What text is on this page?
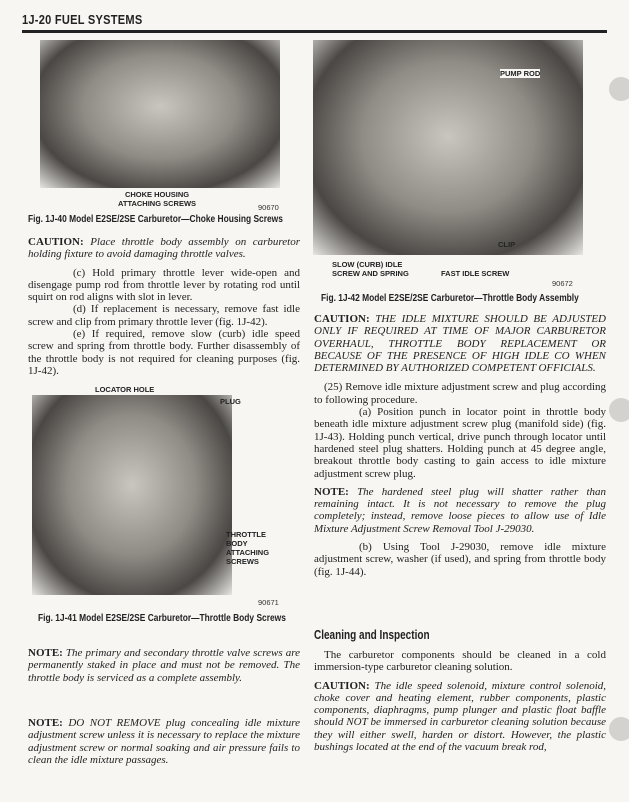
1J-20 FUEL SYSTEMS
CHOKE HOUSING
ATTACHING SCREWS	90670
Fig. 1J-40 Model E2SE/2SE Carburetor—Choke Housing Screws

CAUTION: Place throttle body assembly on carburetor holding fixture to avoid damaging throttle valves.

(c) Hold primary throttle lever wide-open and disengage pump rod from throttle lever by rotating rod until squirt on rod aligns with slot in lever.

(d) If replacement is necessary, remove fast idle screw and clip from primary throttle lever (fig. 1J-42).

(e) If required, remove slow (curb) idle speed screw and spring from throttle body. Further disassembly of the throttle body is not required for cleaning purposes (fig. 1J-42).

LOCATOR HOLE
PLUG
THROTTLE
BODY
ATTACHING
SCREWS
90671
Fig. 1J-41 Model E2SE/2SE Carburetor—Throttle Body Screws

NOTE: The primary and secondary throttle valve screws are permanently staked in place and must not be removed. The throttle body is serviced as a complete assembly.

NOTE: DO NOT REMOVE plug concealing idle mixture adjustment screw unless it is necessary to replace the mixture adjustment screw or normal soaking and air pressure fails to clean the idle mixture passages.

PUMP ROD
CLIP
SLOW (CURB) IDLE
SCREW AND SPRING	FAST IDLE SCREW
90672
Fig. 1J-42 Model E2SE/2SE Carburetor—Throttle Body Assembly

CAUTION: THE IDLE MIXTURE SHOULD BE ADJUSTED ONLY IF REQUIRED AT TIME OF MAJOR CARBURETOR OVERHAUL, THROTTLE BODY REPLACEMENT OR BECAUSE OF THE PRESENCE OF HIGH IDLE CO WHEN DETERMINED BY AUTHORIZED COMPETENT OFFICIALS.

(25) Remove idle mixture adjustment screw and plug according to following procedure.

(a) Position punch in locator point in throttle body beneath idle mixture adjustment screw plug (manifold side) (fig. 1J-43). Holding punch vertical, drive punch through locator until hardened steel plug shatters. Holding punch at 45 degree angle, breakout throttle body casting to gain access to idle mixture adjustment screw plug.

NOTE: The hardened steel plug will shatter rather than remaining intact. It is not necessary to remove the plug completely; instead, remove loose pieces to allow use of Idle Mixture Adjustment Screw Removal Tool J-29030.

(b) Using Tool J-29030, remove idle mixture adjustment screw, washer (if used), and spring from throttle body (fig. 1J-44).

Cleaning and Inspection

The carburetor components should be cleaned in a cold immersion-type carburetor cleaning solution.

CAUTION: The idle speed solenoid, mixture control solenoid, choke cover and heating element, rubber components, plastic components, diaphragms, pump plunger and plastic float baffle should NOT be immersed in carburetor cleaning solution because they will either swell, harden or distort. However, the plastic bushings located at the end of the vacuum break rod,
